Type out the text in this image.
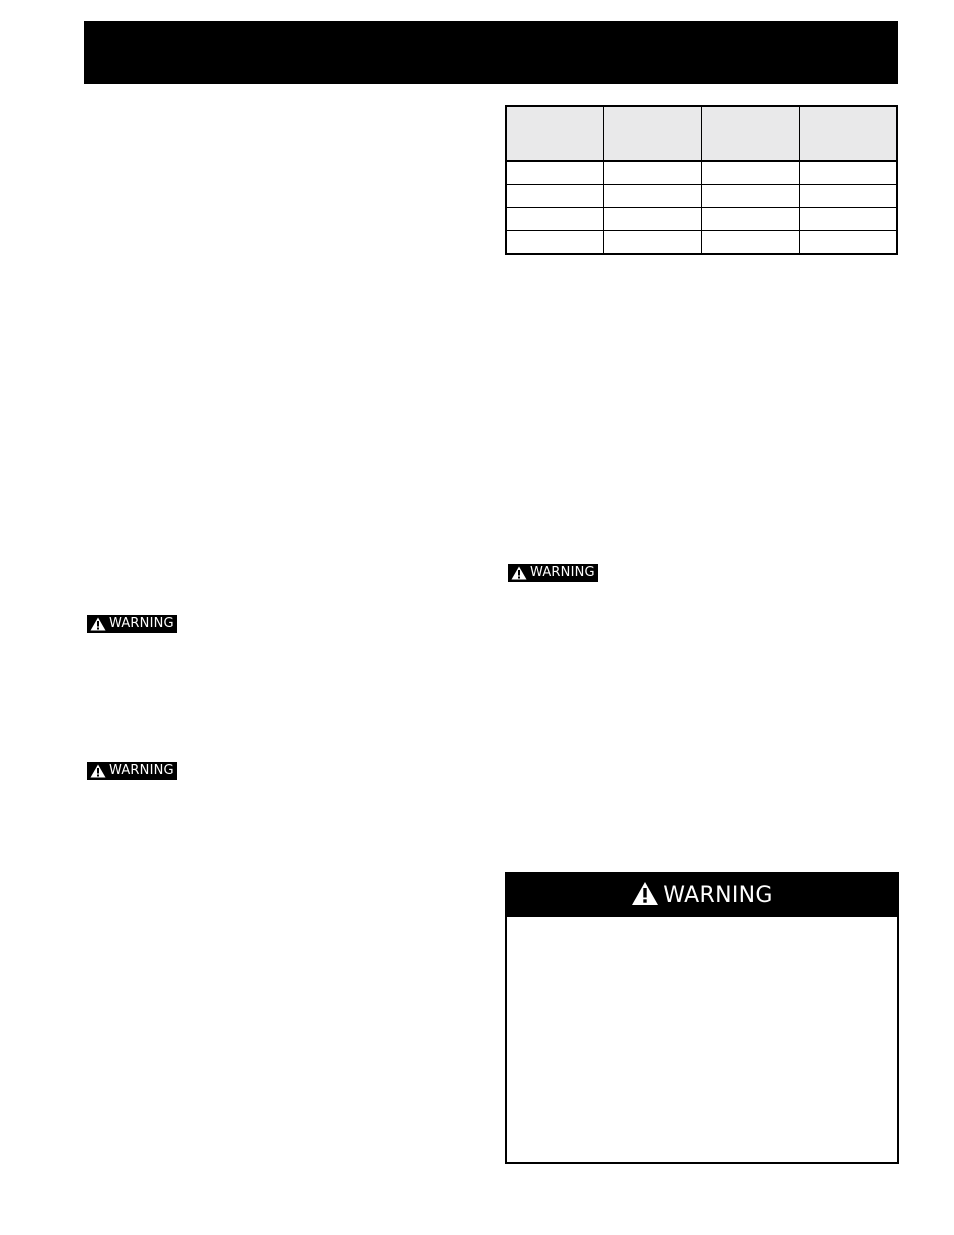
WARNING
WARNING

WARNING
WARNING
